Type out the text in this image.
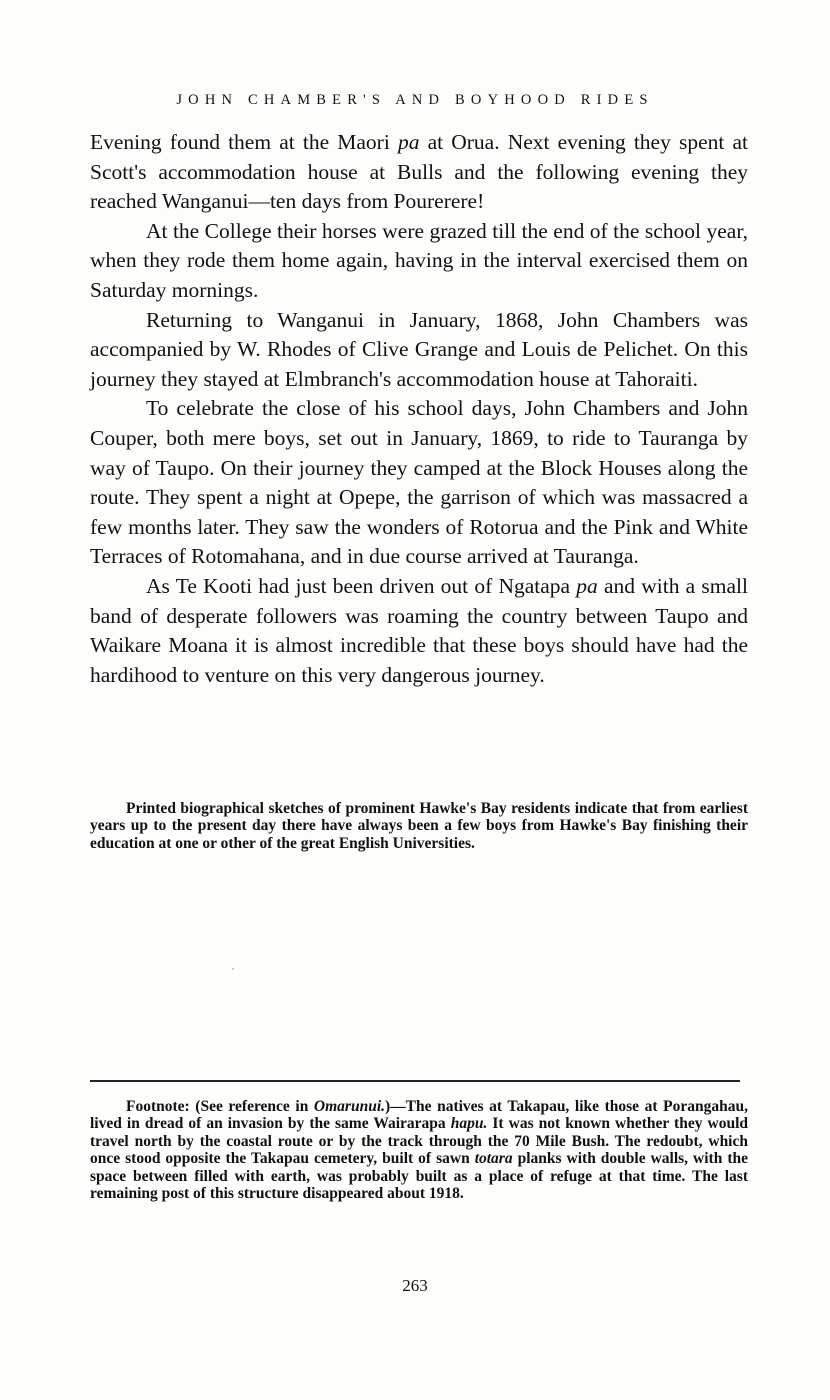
JOHN CHAMBER'S AND BOYHOOD RIDES

Evening found them at the Maori pa at Orua. Next evening they spent at Scott's accommodation house at Bulls and the following evening they reached Wanganui—ten days from Pourerere!

At the College their horses were grazed till the end of the school year, when they rode them home again, having in the interval exercised them on Saturday mornings.

Returning to Wanganui in January, 1868, John Chambers was accompanied by W. Rhodes of Clive Grange and Louis de Pelichet. On this journey they stayed at Elmbranch's accommodation house at Tahoraiti.

To celebrate the close of his school days, John Chambers and John Couper, both mere boys, set out in January, 1869, to ride to Tauranga by way of Taupo. On their journey they camped at the Block Houses along the route. They spent a night at Opepe, the garrison of which was massacred a few months later. They saw the wonders of Rotorua and the Pink and White Terraces of Rotomahana, and in due course arrived at Tauranga.

As Te Kooti had just been driven out of Ngatapa pa and with a small band of desperate followers was roaming the country between Taupo and Waikare Moana it is almost incredible that these boys should have had the hardihood to venture on this very dangerous journey.

Printed biographical sketches of prominent Hawke's Bay residents indicate that from earliest years up to the present day there have always been a few boys from Hawke's Bay finishing their education at one or other of the great English Universities.

Footnote: (See reference in Omarunui.)—The natives at Takapau, like those at Porangahau, lived in dread of an invasion by the same Wairarapa hapu. It was not known whether they would travel north by the coastal route or by the track through the 70 Mile Bush. The redoubt, which once stood opposite the Takapau cemetery, built of sawn totara planks with double walls, with the space between filled with earth, was probably built as a place of refuge at that time. The last remaining post of this structure disappeared about 1918.

263
